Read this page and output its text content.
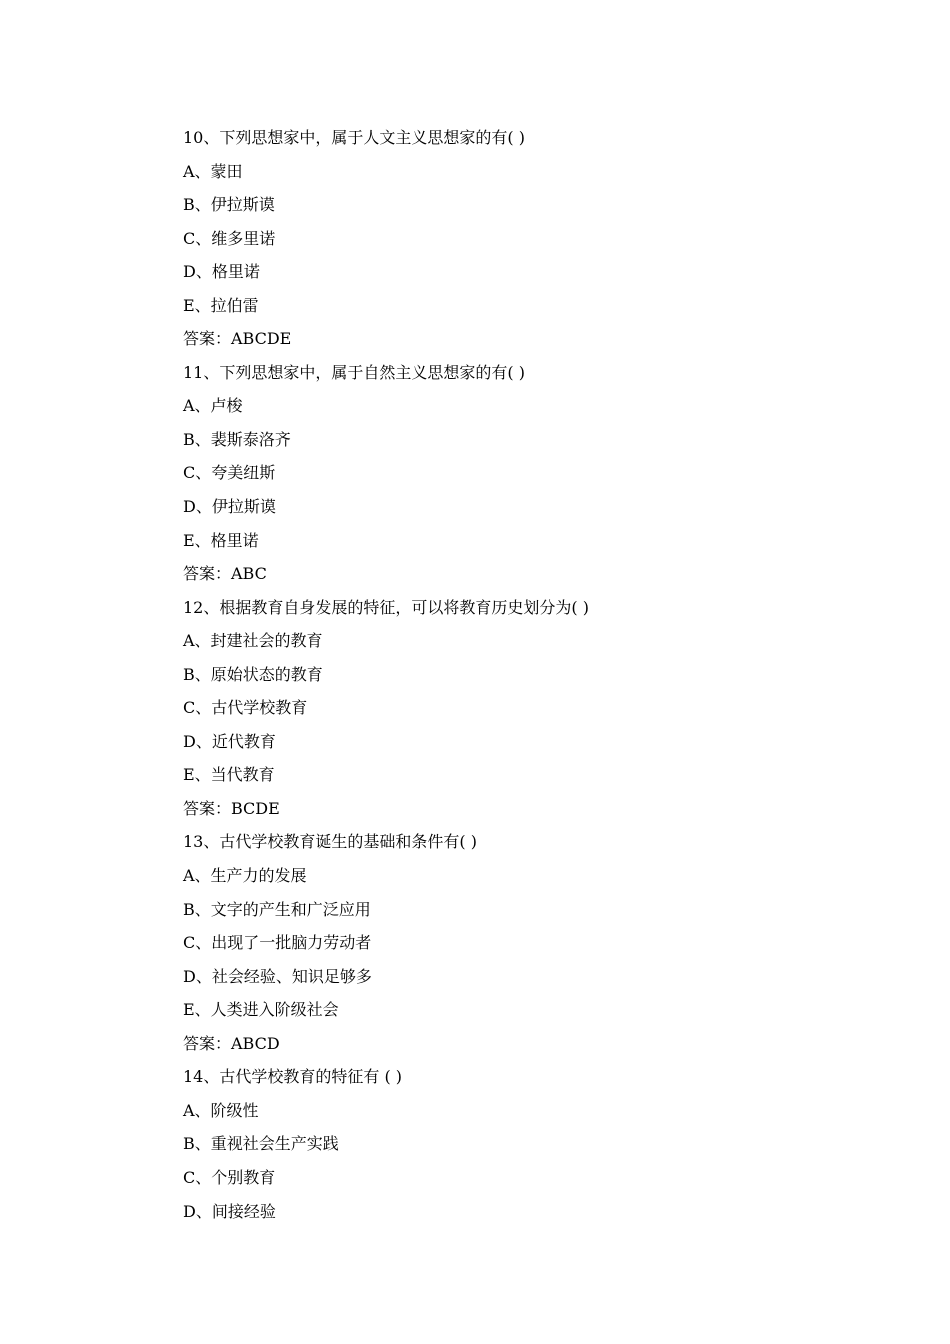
10、下列思想家中，属于人文主义思想家的有( )
A、蒙田
B、伊拉斯谟
C、维多里诺
D、格里诺
E、拉伯雷
答案：ABCDE
11、下列思想家中，属于自然主义思想家的有( )
A、卢梭
B、裴斯泰洛齐
C、夸美纽斯
D、伊拉斯谟
E、格里诺
答案：ABC
12、根据教育自身发展的特征，可以将教育历史划分为( )
A、封建社会的教育
B、原始状态的教育
C、古代学校教育
D、近代教育
E、当代教育
答案：BCDE
13、古代学校教育诞生的基础和条件有( )
A、生产力的发展
B、文字的产生和广泛应用
C、出现了一批脑力劳动者
D、社会经验、知识足够多
E、人类进入阶级社会
答案：ABCD
14、古代学校教育的特征有 ( )
A、阶级性
B、重视社会生产实践
C、个别教育
D、间接经验
